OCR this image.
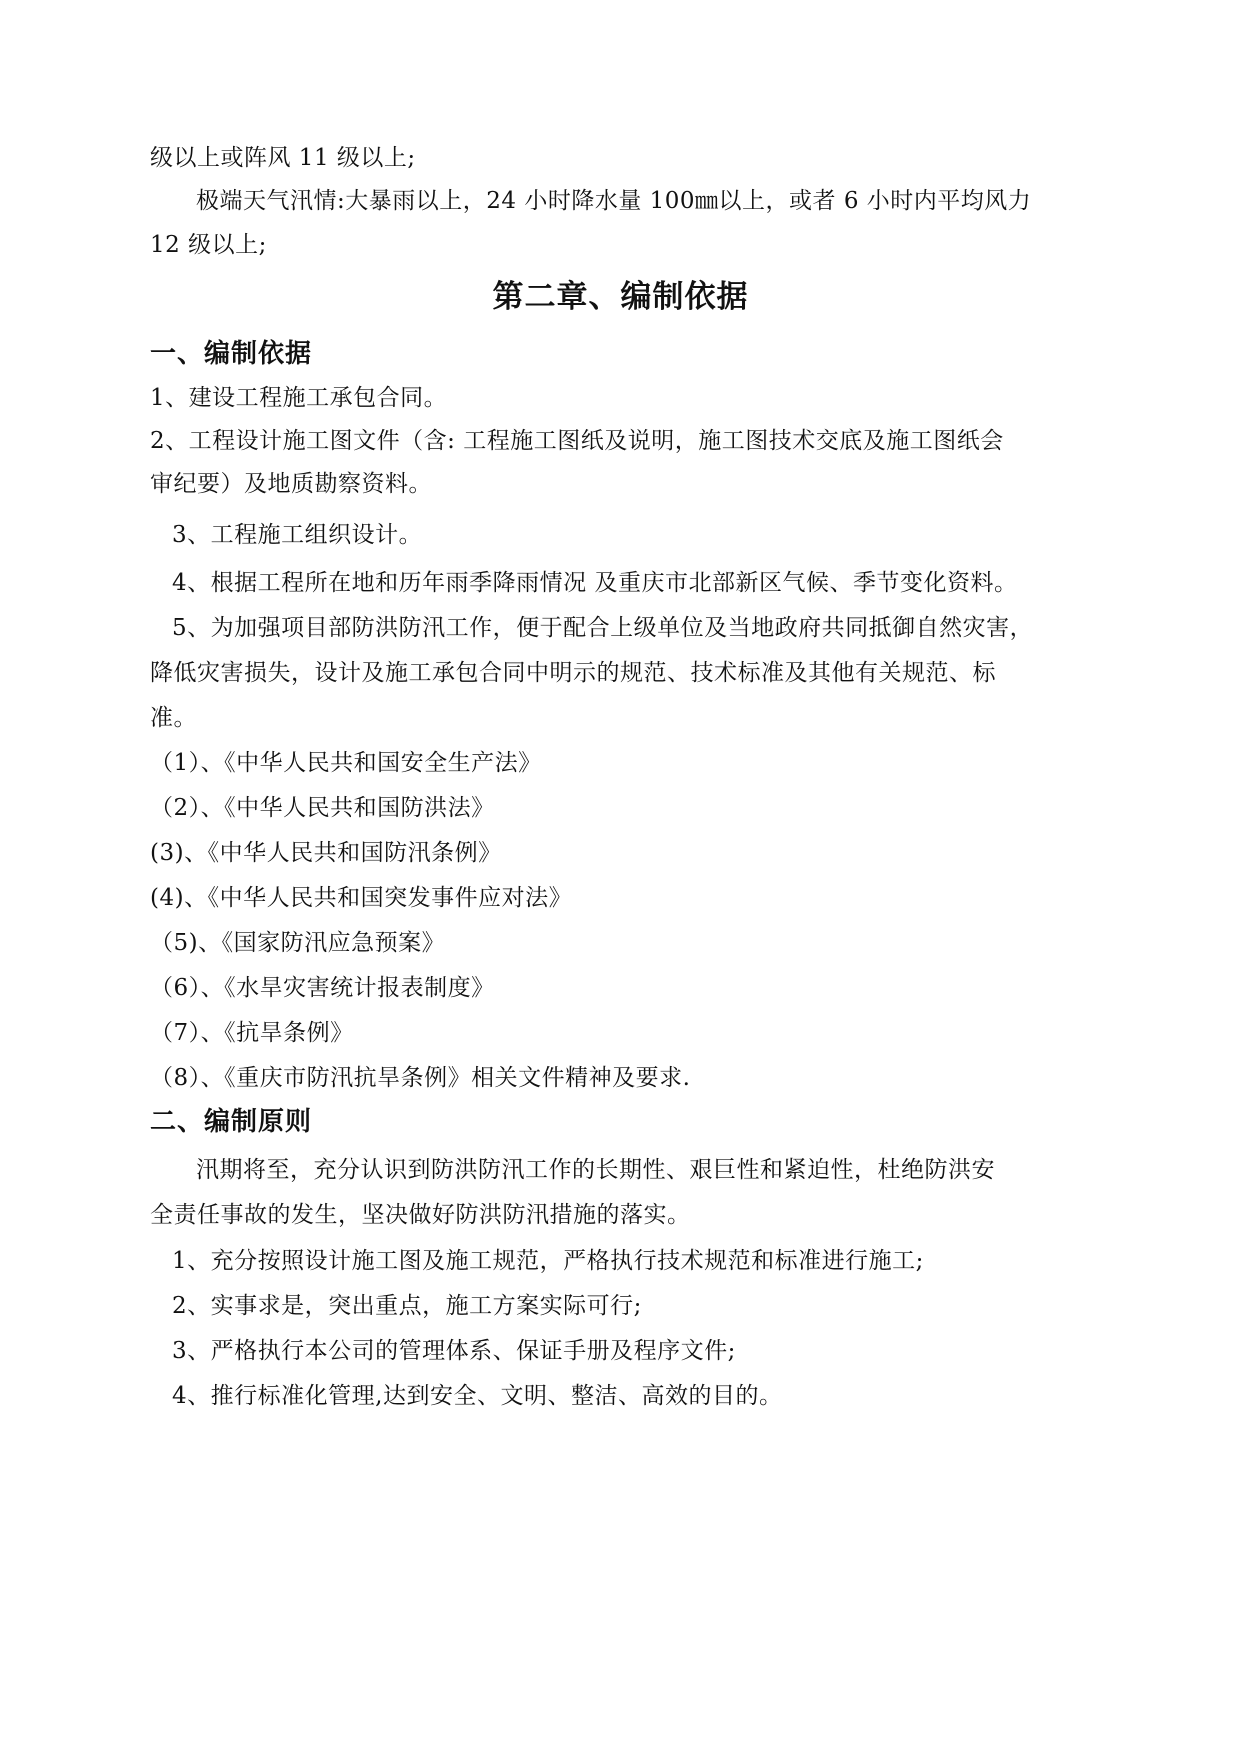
级以上或阵风 11 级以上;
极端天气汛情:大暴雨以上，24 小时降水量 100㎜以上，或者 6 小时内平均风力
12 级以上;
第二章、编制依据
一、编制依据
1、建设工程施工承包合同。
2、工程设计施工图文件（含: 工程施工图纸及说明，施工图技术交底及施工图纸会
审纪要）及地质勘察资料。
3、工程施工组织设计。
4、根据工程所在地和历年雨季降雨情况 及重庆市北部新区气候、季节变化资料。
5、为加强项目部防洪防汛工作，便于配合上级单位及当地政府共同抵御自然灾害，
降低灾害损失，设计及施工承包合同中明示的规范、技术标准及其他有关规范、标
准。
（1）、《中华人民共和国安全生产法》
（2）、《中华人民共和国防洪法》
(3)、《中华人民共和国防汛条例》
(4)、《中华人民共和国突发事件应对法》
（5)、《国家防汛应急预案》
（6）、《水旱灾害统计报表制度》
（7）、《抗旱条例》
（8）、《重庆市防汛抗旱条例》相关文件精神及要求.
二、编制原则
汛期将至，充分认识到防洪防汛工作的长期性、艰巨性和紧迫性，杜绝防洪安
全责任事故的发生，坚决做好防洪防汛措施的落实。
1、充分按照设计施工图及施工规范，严格执行技术规范和标准进行施工;
2、实事求是，突出重点，施工方案实际可行;
3、严格执行本公司的管理体系、保证手册及程序文件;
4、推行标准化管理,达到安全、文明、整洁、高效的目的。
